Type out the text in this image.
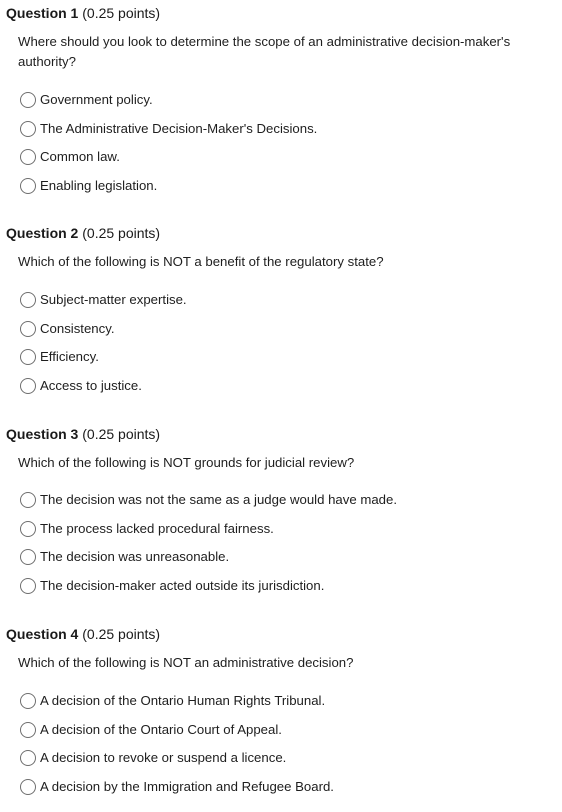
Question 1 (0.25 points)
Where should you look to determine the scope of an administrative decision-maker's authority?
Government policy.
The Administrative Decision-Maker's Decisions.
Common law.
Enabling legislation.
Question 2 (0.25 points)
Which of the following is NOT a benefit of the regulatory state?
Subject-matter expertise.
Consistency.
Efficiency.
Access to justice.
Question 3 (0.25 points)
Which of the following is NOT grounds for judicial review?
The decision was not the same as a judge would have made.
The process lacked procedural fairness.
The decision was unreasonable.
The decision-maker acted outside its jurisdiction.
Question 4 (0.25 points)
Which of the following is NOT an administrative decision?
A decision of the Ontario Human Rights Tribunal.
A decision of the Ontario Court of Appeal.
A decision to revoke or suspend a licence.
A decision by the Immigration and Refugee Board.
